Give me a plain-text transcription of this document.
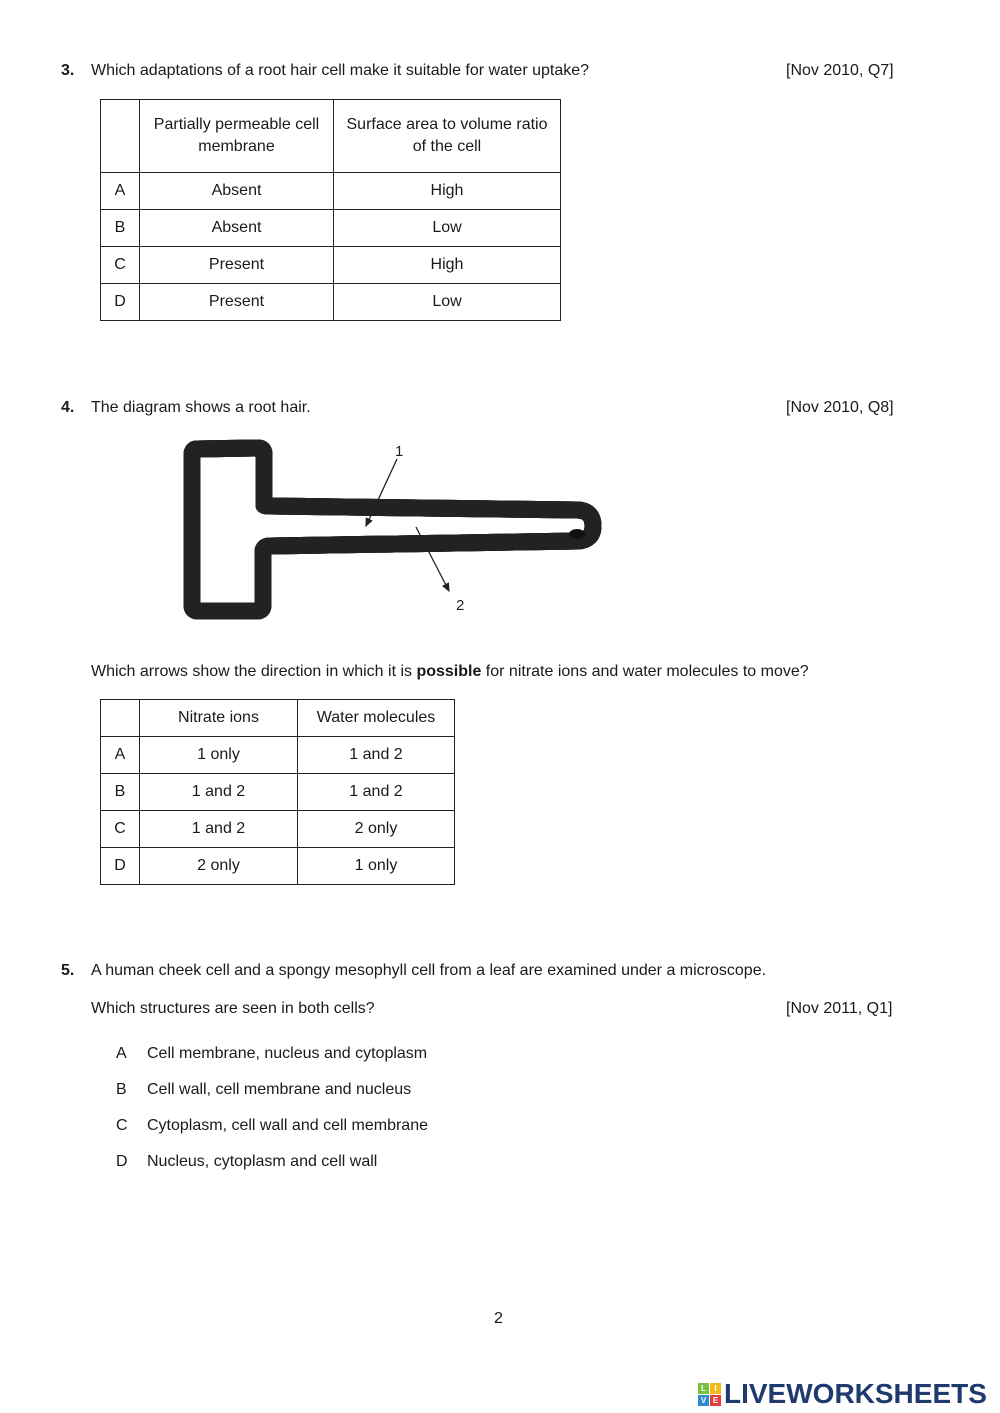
3. Which adaptations of a root hair cell make it suitable for water uptake?	[Nov 2010, Q7]
	Partially permeable cell membrane	Surface area to volume ratio of the cell
A	Absent	High
B	Absent	Low
C	Present	High
D	Present	Low
4. The diagram shows a root hair.	[Nov 2010, Q8]
1
2
Which arrows show the direction in which it is possible for nitrate ions and water molecules to move?
	Nitrate ions	Water molecules
A	1 only	1 and 2
B	1 and 2	1 and 2
C	1 and 2	2 only
D	2 only	1 only
5. A human cheek cell and a spongy mesophyll cell from a leaf are examined under a microscope.
Which structures are seen in both cells?	[Nov 2011, Q1]
A Cell membrane, nucleus and cytoplasm
B Cell wall, cell membrane and nucleus
C Cytoplasm, cell wall and cell membrane
D Nucleus, cytoplasm and cell wall
2
L	I
V E LIVEWORKSHEETS
